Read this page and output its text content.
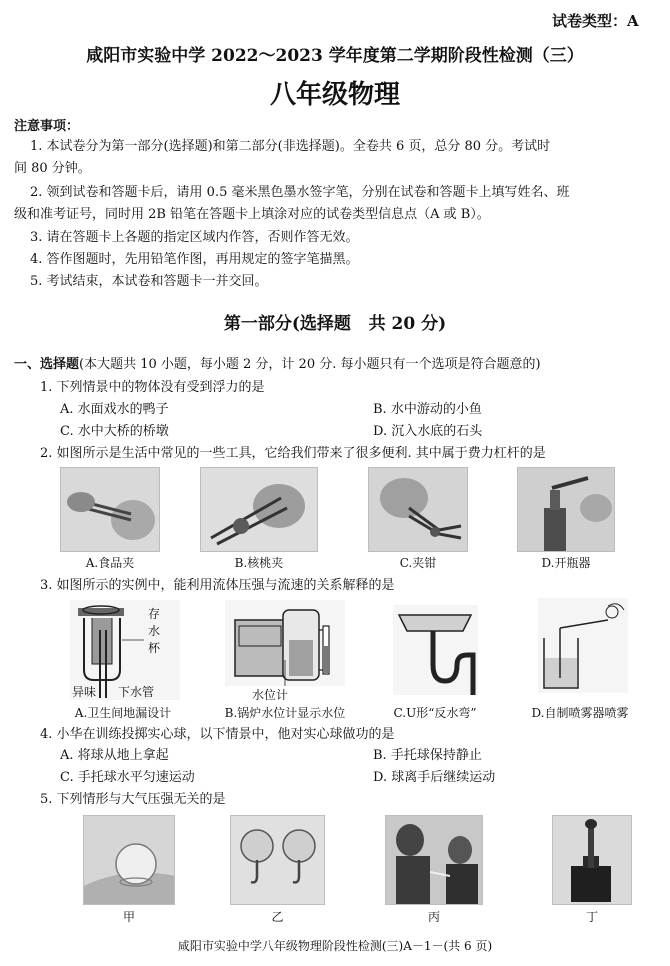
试卷类型：A
咸阳市实验中学 2022～2023 学年度第二学期阶段性检测（三）
八年级物理
注意事项：
1. 本试卷分为第一部分(选择题)和第二部分(非选择题)。全卷共 6 页，总分 80 分。考试时
间 80 分钟。
2. 领到试卷和答题卡后，请用 0.5 毫米黑色墨水签字笔，分别在试卷和答题卡上填写姓名、班
级和准考证号，同时用 2B 铅笔在答题卡上填涂对应的试卷类型信息点（A 或 B）。
3. 请在答题卡上各题的指定区域内作答，否则作答无效。
4. 答作图题时，先用铅笔作图，再用规定的签字笔描黑。
5. 考试结束，本试卷和答题卡一并交回。
第一部分(选择题   共 20 分)
一、选择题(本大题共 10 小题，每小题 2 分，计 20 分. 每小题只有一个选项是符合题意的)
1. 下列情景中的物体没有受到浮力的是
A. 水面戏水的鸭子	B. 水中游动的小鱼
C. 水中大桥的桥墩	D. 沉入水底的石头
2. 如图所示是生活中常见的一些工具，它给我们带来了很多便利. 其中属于费力杠杆的是
A.食品夹	B.核桃夹	C.夹钳	D.开瓶器
3. 如图所示的实例中，能利用流体压强与流速的关系解释的是
存
水
杯
异味 下水管
A.卫生间地漏设计
水位计
B.锅炉水位计显示水位	C.U形“反水弯”	D.自制喷雾器喷雾
4. 小华在训练投掷实心球，以下情景中，他对实心球做功的是
A. 将球从地上拿起	B. 手托球保持静止
C. 手托球水平匀速运动	D. 球离手后继续运动
5. 下列情形与大气压强无关的是
甲	乙	丙	丁
咸阳市实验中学八年级物理阶段性检测(三)A－1－(共 6 页)
